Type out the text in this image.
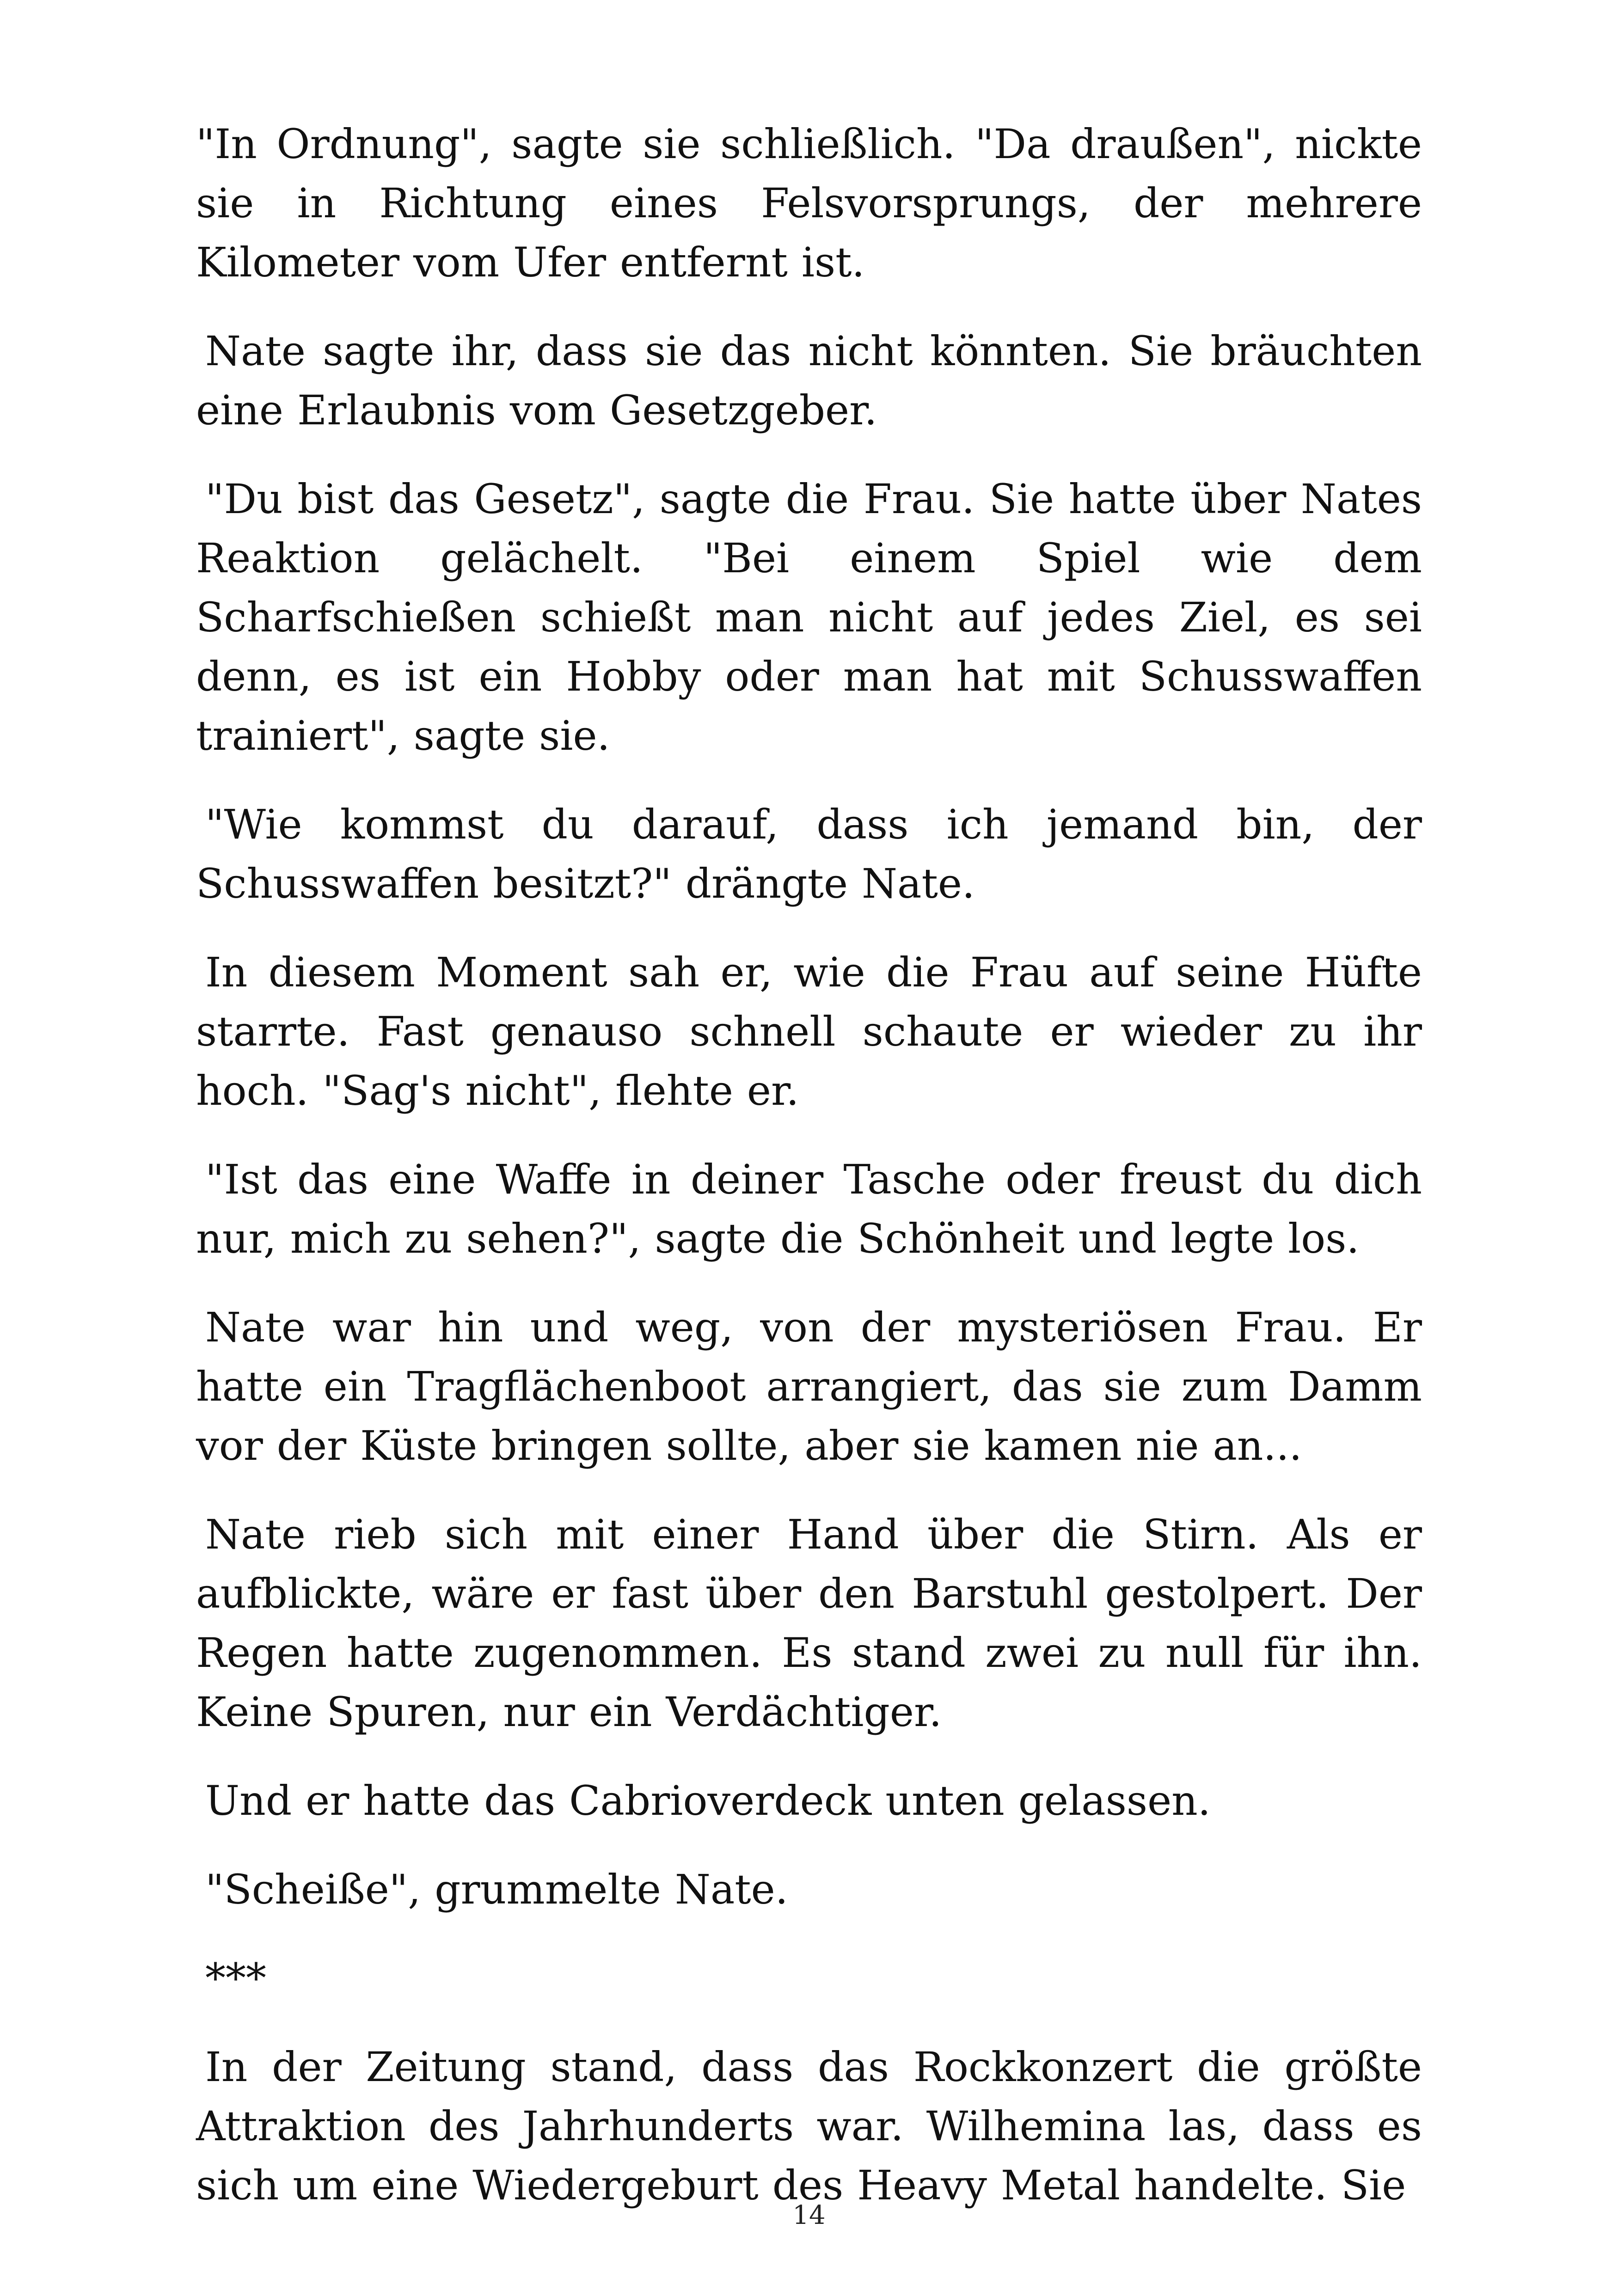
"In Ordnung", sagte sie schließlich. "Da draußen", nickte sie in Richtung eines Felsvorsprungs, der mehrere Kilometer vom Ufer entfernt ist.

Nate sagte ihr, dass sie das nicht könnten. Sie bräuchten eine Erlaubnis vom Gesetzgeber.

"Du bist das Gesetz", sagte die Frau. Sie hatte über Nates Reaktion gelächelt. "Bei einem Spiel wie dem Scharfschießen schießt man nicht auf jedes Ziel, es sei denn, es ist ein Hobby oder man hat mit Schusswaffen trainiert", sagte sie.

"Wie kommst du darauf, dass ich jemand bin, der Schusswaffen besitzt?" drängte Nate.

In diesem Moment sah er, wie die Frau auf seine Hüfte starrte. Fast genauso schnell schaute er wieder zu ihr hoch. "Sag's nicht", flehte er.

"Ist das eine Waffe in deiner Tasche oder freust du dich nur, mich zu sehen?", sagte die Schönheit und legte los.

Nate war hin und weg, von der mysteriösen Frau. Er hatte ein Tragflächenboot arrangiert, das sie zum Damm vor der Küste bringen sollte, aber sie kamen nie an...

Nate rieb sich mit einer Hand über die Stirn. Als er aufblickte, wäre er fast über den Barstuhl gestolpert. Der Regen hatte zugenommen. Es stand zwei zu null für ihn. Keine Spuren, nur ein Verdächtiger.

Und er hatte das Cabrioverdeck unten gelassen.

"Scheiße", grummelte Nate.

***

In der Zeitung stand, dass das Rockkonzert die größte Attraktion des Jahrhunderts war. Wilhemina las, dass es sich um eine Wiedergeburt des Heavy Metal handelte. Sie

14
